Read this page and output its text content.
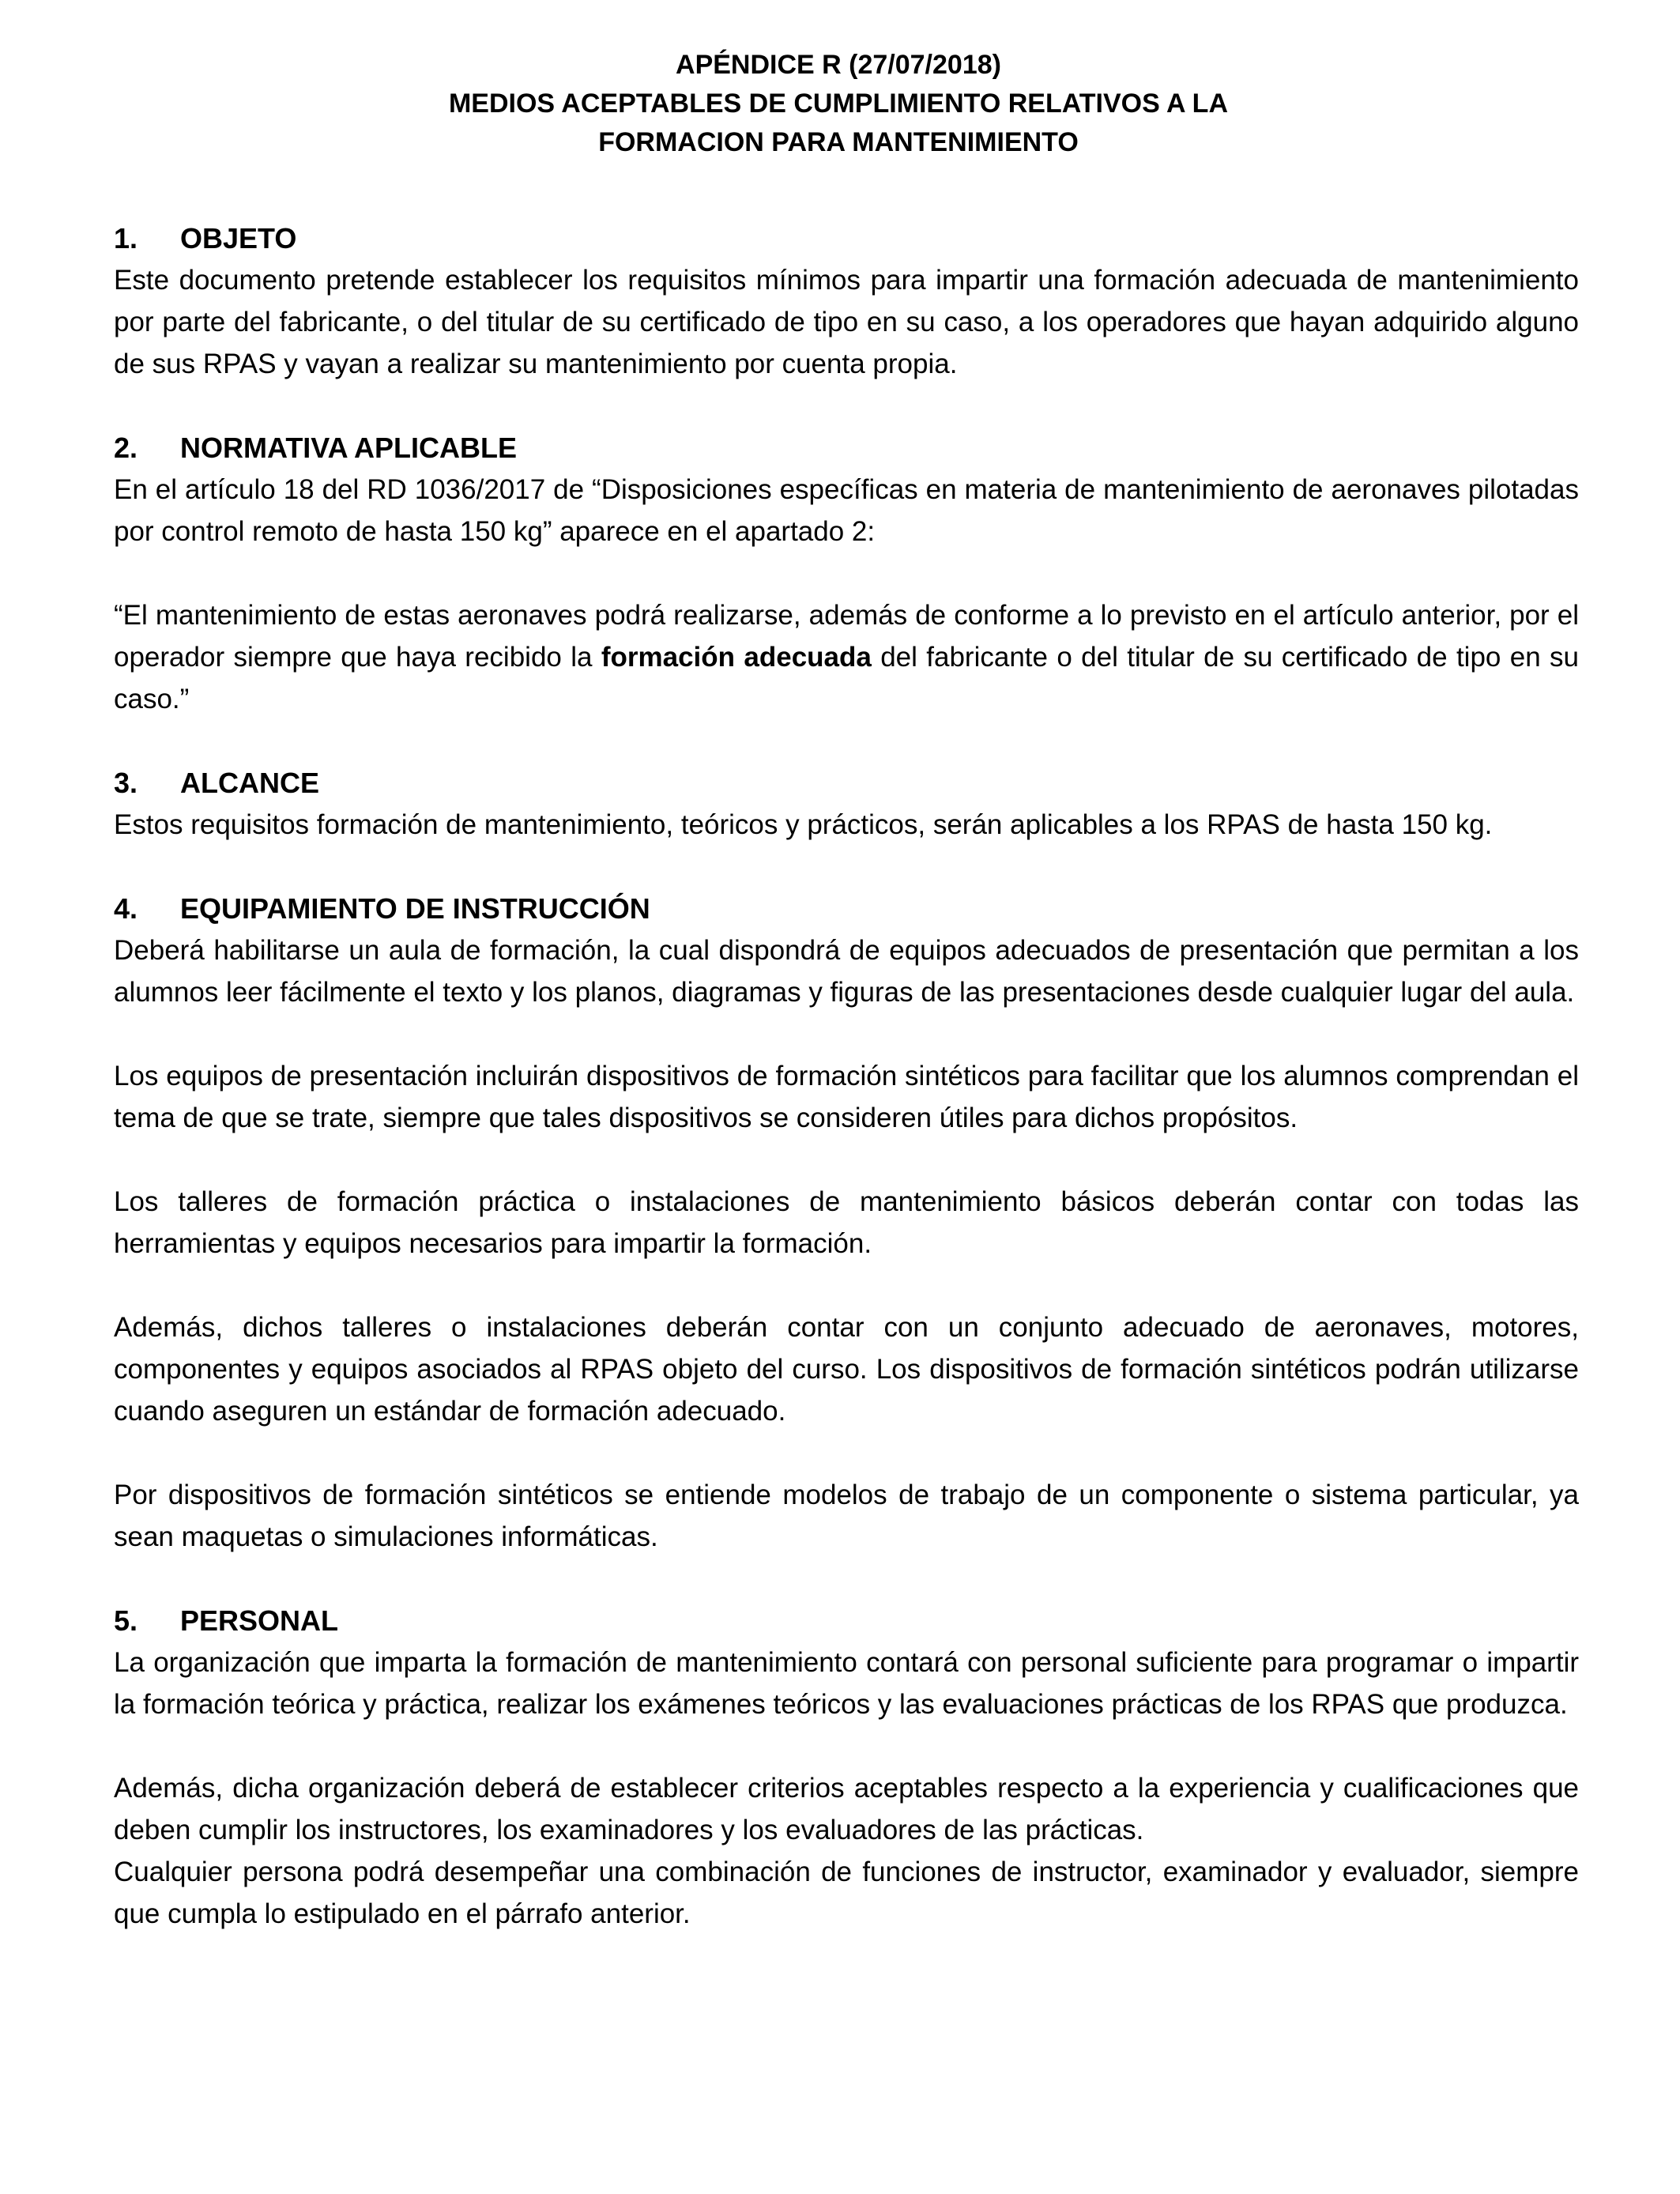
APÉNDICE R (27/07/2018)
MEDIOS ACEPTABLES DE CUMPLIMIENTO RELATIVOS A LA
FORMACION PARA MANTENIMIENTO
1. OBJETO

Este documento pretende establecer los requisitos mínimos para impartir una formación adecuada de mantenimiento por parte del fabricante, o del titular de su certificado de tipo en su caso, a los operadores que hayan adquirido alguno de sus RPAS y vayan a realizar su mantenimiento por cuenta propia.

2. NORMATIVA APLICABLE

En el artículo 18 del RD 1036/2017 de “Disposiciones específicas en materia de mantenimiento de aeronaves pilotadas por control remoto de hasta 150 kg” aparece en el apartado 2:

“El mantenimiento de estas aeronaves podrá realizarse, además de conforme a lo previsto en el artículo anterior, por el operador siempre que haya recibido la formación adecuada del fabricante o del titular de su certificado de tipo en su caso.”

3. ALCANCE

Estos requisitos formación de mantenimiento, teóricos y prácticos, serán aplicables a los RPAS de hasta 150 kg.

4. EQUIPAMIENTO DE INSTRUCCIÓN

Deberá habilitarse un aula de formación, la cual dispondrá de equipos adecuados de presentación que permitan a los alumnos leer fácilmente el texto y los planos, diagramas y figuras de las presentaciones desde cualquier lugar del aula.

Los equipos de presentación incluirán dispositivos de formación sintéticos para facilitar que los alumnos comprendan el tema de que se trate, siempre que tales dispositivos se consideren útiles para dichos propósitos.

Los talleres de formación práctica o instalaciones de mantenimiento básicos deberán contar con todas las herramientas y equipos necesarios para impartir la formación.

Además, dichos talleres o instalaciones deberán contar con un conjunto adecuado de aeronaves, motores, componentes y equipos asociados al RPAS objeto del curso. Los dispositivos de formación sintéticos podrán utilizarse cuando aseguren un estándar de formación adecuado.

Por dispositivos de formación sintéticos se entiende modelos de trabajo de un componente o sistema particular, ya sean maquetas o simulaciones informáticas.

5. PERSONAL

La organización que imparta la formación de mantenimiento contará con personal suficiente para programar o impartir la formación teórica y práctica, realizar los exámenes teóricos y las evaluaciones prácticas de los RPAS que produzca.

Además, dicha organización deberá de establecer criterios aceptables respecto a la experiencia y cualificaciones que deben cumplir los instructores, los examinadores y los evaluadores de las prácticas.

Cualquier persona podrá desempeñar una combinación de funciones de instructor, examinador y evaluador, siempre que cumpla lo estipulado en el párrafo anterior.
